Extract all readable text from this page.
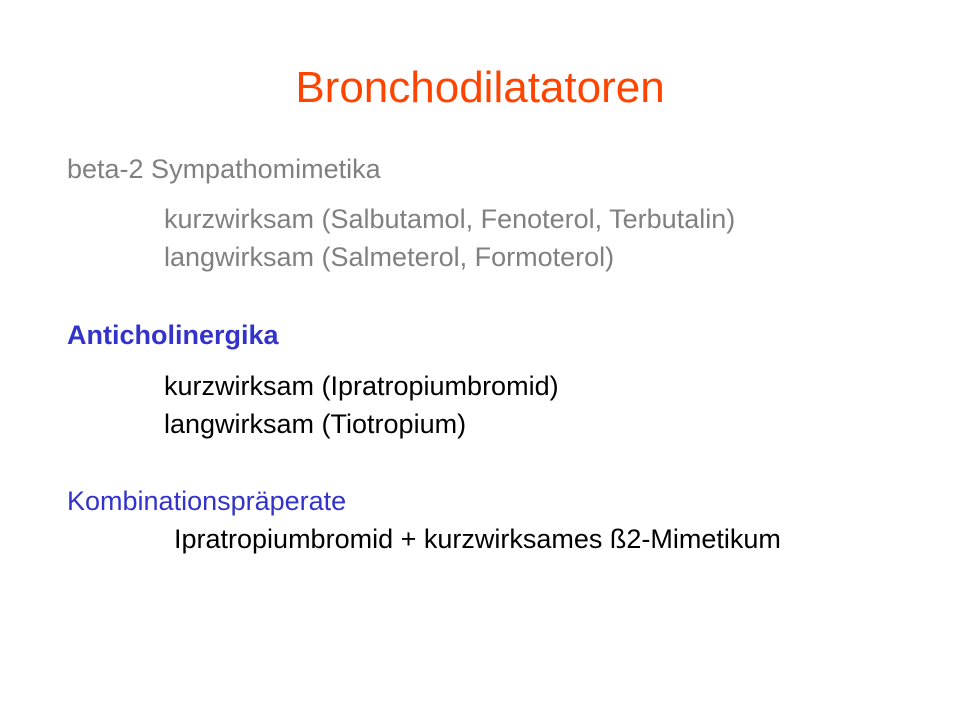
Bronchodilatatoren
beta-2 Sympathomimetika
kurzwirksam (Salbutamol, Fenoterol, Terbutalin)
langwirksam (Salmeterol, Formoterol)
Anticholinergika
kurzwirksam (Ipratropiumbromid)
langwirksam (Tiotropium)
Kombinationspräperate
Ipratropiumbromid + kurzwirksames ß2-Mimetikum
